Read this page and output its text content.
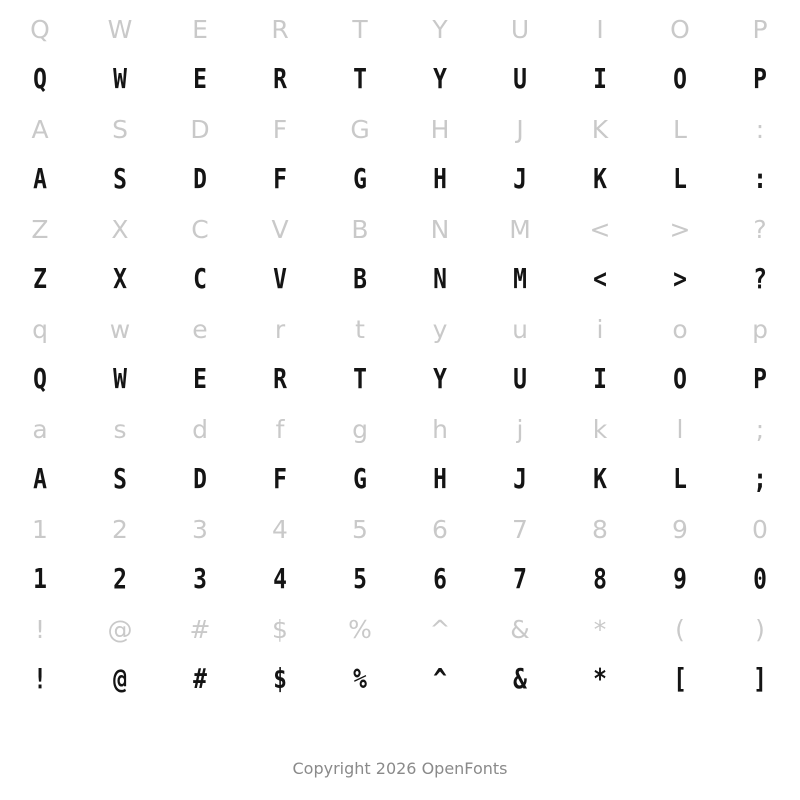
Q	W	E	R	T	Y	U	I	O	P
Q	W	E	R	T	Y	U	I	O	P
A	S	D	F	G	H	J	K	L	:
A	S	D	F	G	H	J	K	L	:
Z	X	C	V	B	N	M	<	>	?
Z	X	C	V	B	N	M	<	>	?
q	w	e	r	t	y	u	i	o	p
Q	W	E	R	T	Y	U	I	O	P
a	s	d	f	g	h	j	k	l	;
A	S	D	F	G	H	J	K	L	;
1	2	3	4	5	6	7	8	9	0
1	2	3	4	5	6	7	8	9	0
!	@	#	$	%	^	&	*	(	)
!	@	#	$	%	^	&	*	[	]
Copyright 2026 OpenFonts
